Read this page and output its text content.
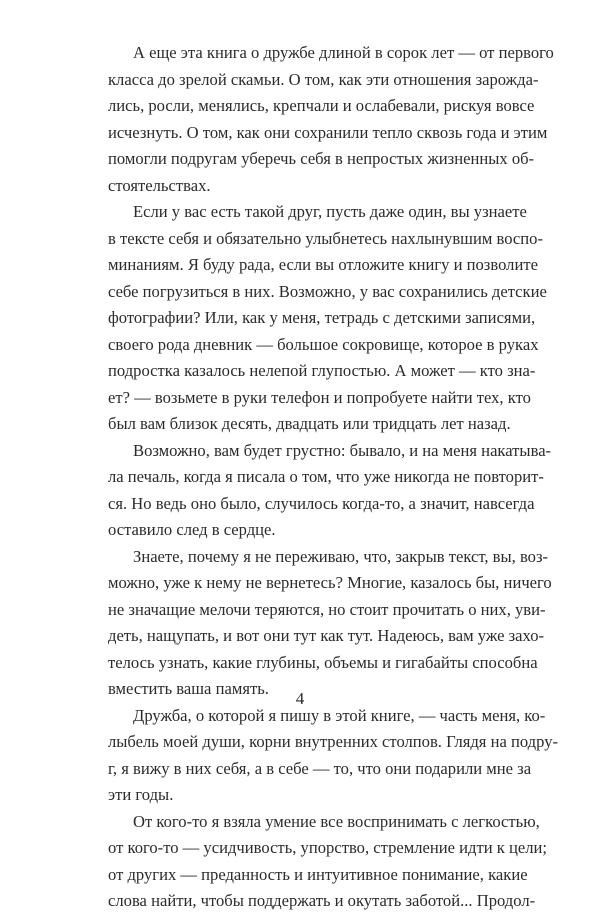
А еще эта книга о дружбе длиной в сорок лет — от первого
класса до зрелой скамьи. О том, как эти отношения зарожда-
лись, росли, менялись, крепчали и ослабевали, рискуя вовсе
исчезнуть. О том, как они сохранили тепло сквозь года и этим
помогли подругам уберечь себя в непростых жизненных об-
стоятельствах.
Если у вас есть такой друг, пусть даже один, вы узнаете
в тексте себя и обязательно улыбнетесь нахлынувшим воспо-
минаниям. Я буду рада, если вы отложите книгу и позволите
себе погрузиться в них. Возможно, у вас сохранились детские
фотографии? Или, как у меня, тетрадь с детскими записями,
своего рода дневник — большое сокровище, которое в руках
подростка казалось нелепой глупостью. А может — кто зна-
ет? — возьмете в руки телефон и попробуете найти тех, кто
был вам близок десять, двадцать или тридцать лет назад.
Возможно, вам будет грустно: бывало, и на меня накатыва-
ла печаль, когда я писала о том, что уже никогда не повторит-
ся. Но ведь оно было, случилось когда-то, а значит, навсегда
оставило след в сердце.
Знаете, почему я не переживаю, что, закрыв текст, вы, воз-
можно, уже к нему не вернетесь? Многие, казалось бы, ничего
не значащие мелочи теряются, но стоит прочитать о них, уви-
деть, нащупать, и вот они тут как тут. Надеюсь, вам уже захо-
телось узнать, какие глубины, объемы и гигабайты способна
вместить ваша память.
Дружба, о которой я пишу в этой книге, — часть меня, ко-
лыбель моей души, корни внутренних столпов. Глядя на подру-
г, я вижу в них себя, а в себе — то, что они подарили мне за
эти годы.
От кого-то я взяла умение все воспринимать с легкостью,
от кого-то — усидчивость, упорство, стремление идти к цели;
от других — преданность и интуитивное понимание, какие
слова найти, чтобы поддержать и окутать заботой... Продол-
4
